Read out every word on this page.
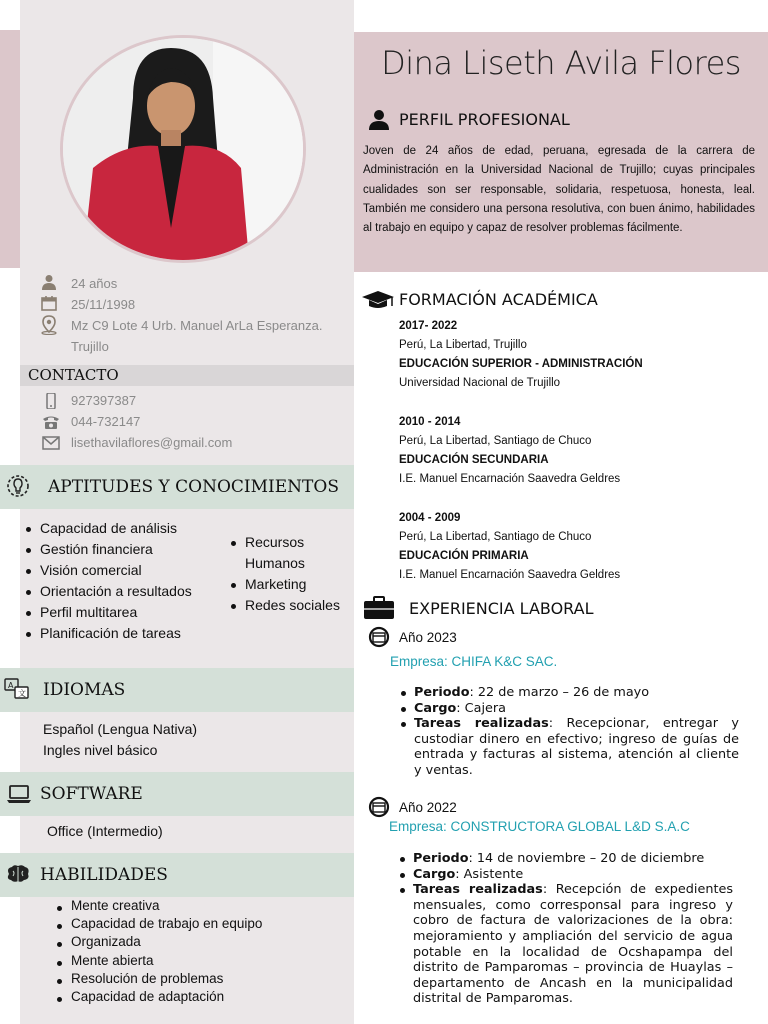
24 años
25/11/1998
Mz C9 Lote 4 Urb. Manuel ArLa Esperanza.
Trujillo
CONTACTO
927397387
044-732147
lisethavilaflores@gmail.com
APTITUDES Y CONOCIMIENTOS
Capacidad de análisis
Gestión financiera
Visión comercial
Orientación a resultados
Perfil multitarea
Planificación de tareas
Recursos
Humanos
Marketing
Redes sociales
A
文 IDIOMAS
Español (Lengua Nativa)
Ingles nivel básico
SOFTWARE
Office (Intermedio)
HABILIDADES
Mente creativa
Capacidad de trabajo en equipo
Organizada
Mente abierta
Resolución de problemas
Capacidad de adaptación
Dina Liseth Avila Flores
PERFIL PROFESIONAL

Joven de 24 años de edad, peruana, egresada de la carrera de Administración en la Universidad Nacional de Trujillo; cuyas principales cualidades son ser responsable, solidaria, respetuosa, honesta, leal. También me considero una persona resolutiva, con buen ánimo, habilidades al trabajo en equipo y capaz de resolver problemas fácilmente.

FORMACIÓN ACADÉMICA
2017- 2022
Perú, La Libertad, Trujillo
EDUCACIÓN SUPERIOR - ADMINISTRACIÓN
Universidad Nacional de Trujillo
2010 - 2014
Perú, La Libertad, Santiago de Chuco
EDUCACIÓN SECUNDARIA
I.E. Manuel Encarnación Saavedra Geldres
2004 - 2009
Perú, La Libertad, Santiago de Chuco
EDUCACIÓN PRIMARIA
I.E. Manuel Encarnación Saavedra Geldres
EXPERIENCIA LABORAL
Año 2023
Empresa: CHIFA K&C SAC.
Periodo: 22 de marzo – 26 de mayo
Cargo: Cajera
Tareas realizadas: Recepcionar, entregar y custodiar dinero en efectivo; ingreso de guías de entrada y facturas al sistema, atención al cliente y ventas.
Año 2022
Empresa: CONSTRUCTORA GLOBAL L&D S.A.C
Periodo: 14 de noviembre – 20 de diciembre
Cargo: Asistente
Tareas realizadas: Recepción de expedientes mensuales, como corresponsal para ingreso y cobro de factura de valorizaciones de la obra: mejoramiento y ampliación del servicio de agua potable en la localidad de Ocshapampa del distrito de Pamparomas – provincia de Huaylas – departamento de Ancash en la municipalidad distrital de Pamparomas.
